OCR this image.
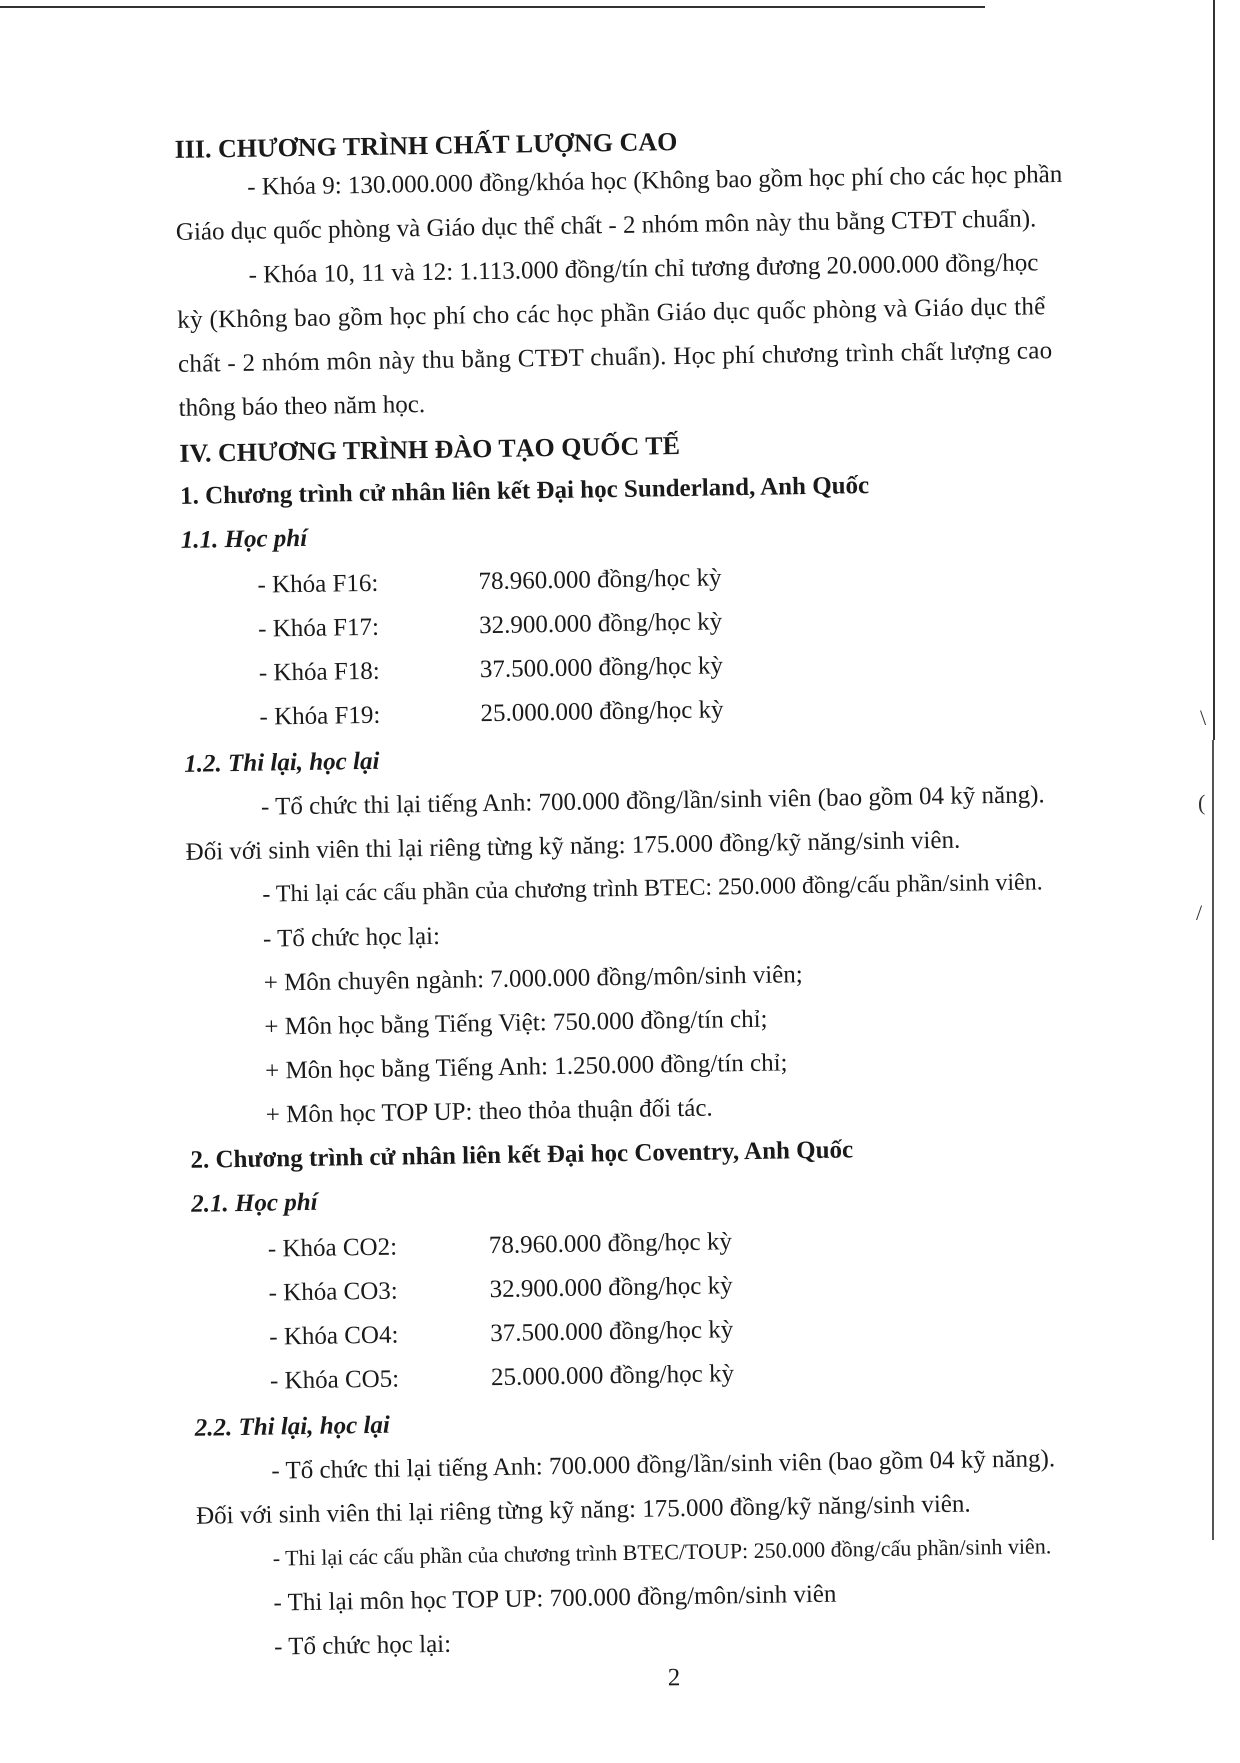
\
(
/
III. CHƯƠNG TRÌNH CHẤT LƯỢNG CAO
- Khóa 9: 130.000.000 đồng/khóa học (Không bao gồm học phí cho các học phần
Giáo dục quốc phòng và Giáo dục thể chất - 2 nhóm môn này thu bằng CTĐT chuẩn).
- Khóa 10, 11 và 12: 1.113.000 đồng/tín chỉ tương đương 20.000.000 đồng/học
kỳ (Không bao gồm học phí cho các học phần Giáo dục quốc phòng và Giáo dục thể
chất - 2 nhóm môn này thu bằng CTĐT chuẩn). Học phí chương trình chất lượng cao
thông báo theo năm học.
IV. CHƯƠNG TRÌNH ĐÀO TẠO QUỐC TẾ
1. Chương trình cử nhân liên kết Đại học Sunderland, Anh Quốc
1.1. Học phí
- Khóa F16:	78.960.000 đồng/học kỳ
- Khóa F17:	32.900.000 đồng/học kỳ
- Khóa F18:	37.500.000 đồng/học kỳ
- Khóa F19:	25.000.000 đồng/học kỳ
1.2. Thi lại, học lại
- Tổ chức thi lại tiếng Anh: 700.000 đồng/lần/sinh viên (bao gồm 04 kỹ năng).
Đối với sinh viên thi lại riêng từng kỹ năng: 175.000 đồng/kỹ năng/sinh viên.
- Thi lại các cấu phần của chương trình BTEC: 250.000 đồng/cấu phần/sinh viên.
- Tổ chức học lại:
+ Môn chuyên ngành: 7.000.000 đồng/môn/sinh viên;
+ Môn học bằng Tiếng Việt: 750.000 đồng/tín chỉ;
+ Môn học bằng Tiếng Anh: 1.250.000 đồng/tín chỉ;
+ Môn học TOP UP: theo thỏa thuận đối tác.
2. Chương trình cử nhân liên kết Đại học Coventry, Anh Quốc
2.1. Học phí
- Khóa CO2:	78.960.000 đồng/học kỳ
- Khóa CO3:	32.900.000 đồng/học kỳ
- Khóa CO4:	37.500.000 đồng/học kỳ
- Khóa CO5:	25.000.000 đồng/học kỳ
2.2. Thi lại, học lại
- Tổ chức thi lại tiếng Anh: 700.000 đồng/lần/sinh viên (bao gồm 04 kỹ năng).
Đối với sinh viên thi lại riêng từng kỹ năng: 175.000 đồng/kỹ năng/sinh viên.
- Thi lại các cấu phần của chương trình BTEC/TOUP: 250.000 đồng/cấu phần/sinh viên.
- Thi lại môn học TOP UP: 700.000 đồng/môn/sinh viên
- Tổ chức học lại:
2
